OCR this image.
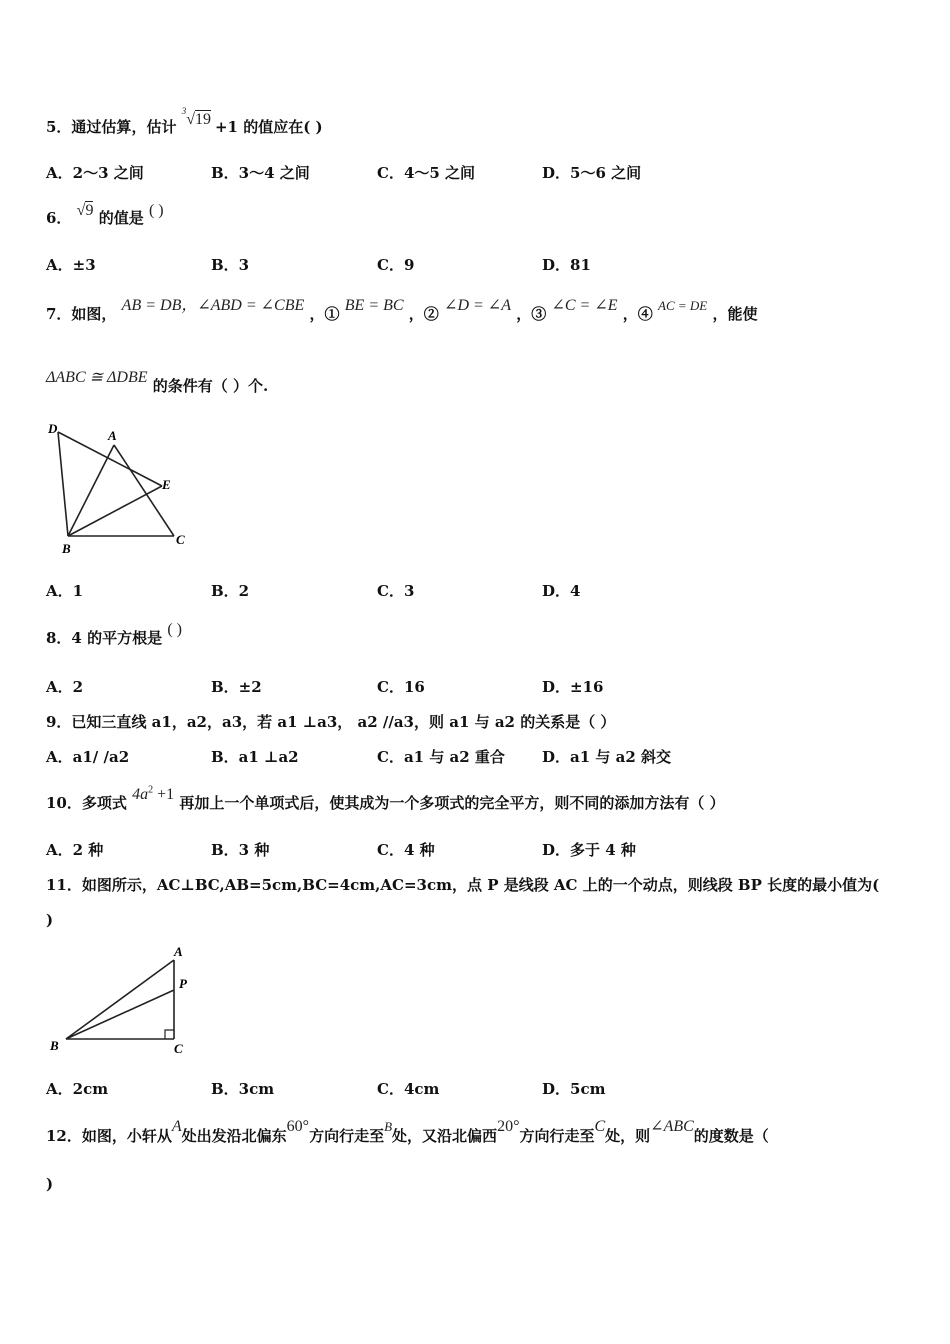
5．通过估算，估计 $^3$√19 +1 的值应在( )
A．2～3 之间	B．3～4 之间	C．4～5 之间	D．5～6 之间
6． √9 的值是 ( )
A．±3	B．3	C．9	D．81
7．如图， AB = DB，∠ABD = ∠CBE ，① BE = BC ，② ∠D = ∠A ，③ ∠C = ∠E ，④ AC = DE ，能使
ΔABC ≅ ΔDBE 的条件有（ ）个.
D	A
E
B
C
A．1	B．2	C．3	D．4
8．4 的平方根是 ( )
A．2	B．±2	C．16	D．±16
9．已知三直线 a1，a2，a3，若 a1 ⊥a3， a2 //a3，则 a1 与 a2 的关系是（ ）
A．a1/ /a2	B．a1 ⊥a2	C．a1 与 a2 重合 D．a1 与 a2 斜交
10．多项式 $4a^2 +1$ 再加上一个单项式后，使其成为一个多项式的完全平方，则不同的添加方法有（ ）
A．2 种	B．3 种	C．4 种	D．多于 4 种
11．如图所示，AC⊥BC,AB=5cm,BC=4cm,AC=3cm，点 P 是线段 AC 上的一个动点，则线段 BP 长度的最小值为(
)
A
P
B	C
A．2cm	B．3cm	C．4cm	D．5cm
12．如图，小轩从A处出发沿北偏东60°方向行走至B处，又沿北偏西20°方向行走至C处，则∠ABC的度数是（
)
